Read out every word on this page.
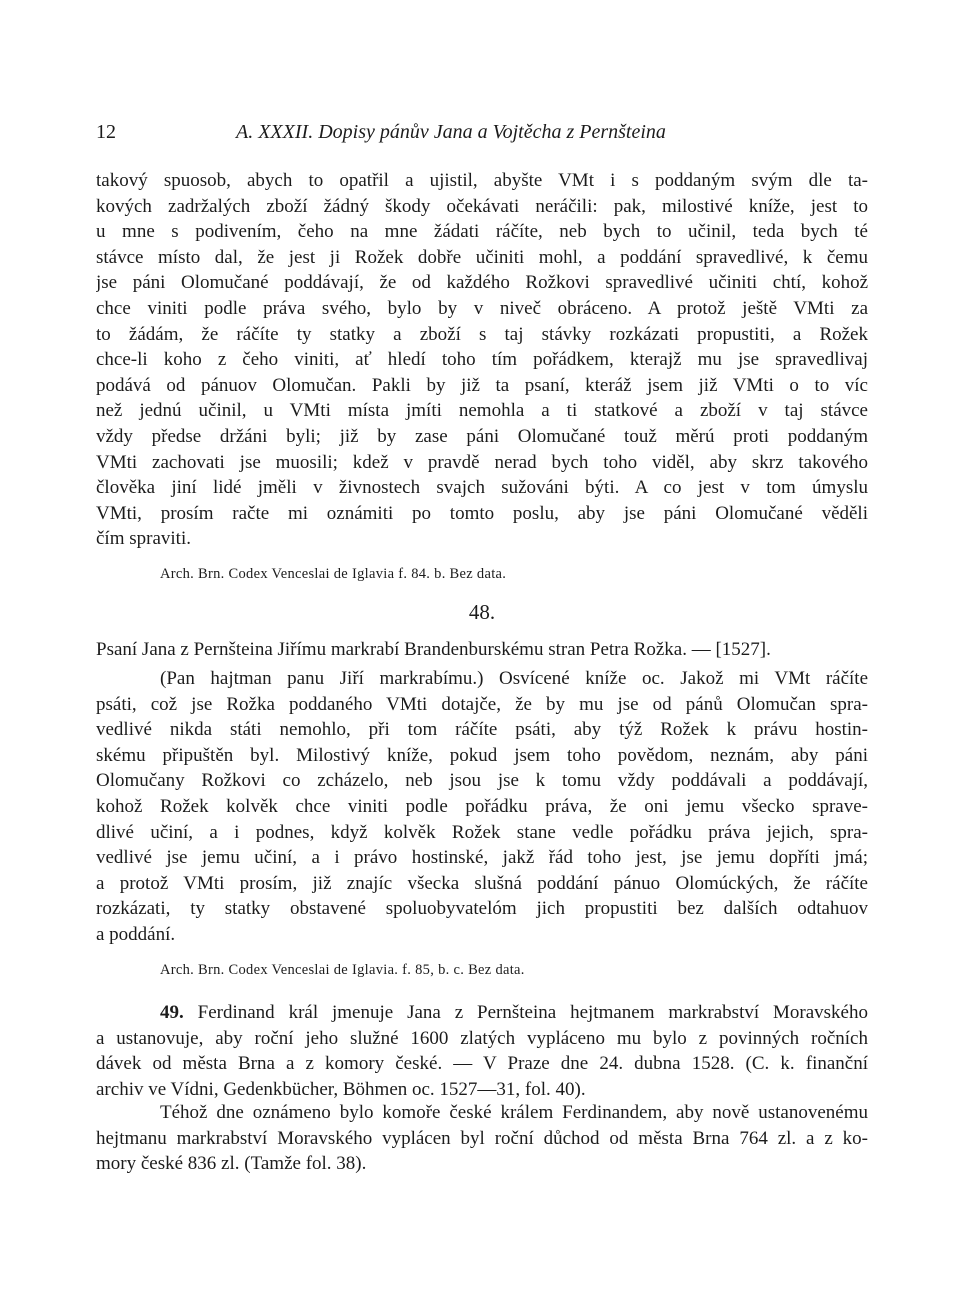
12	A. XXXII. Dopisy pánův Jana a Vojtěcha z Pernšteina
takový spuosob, abych to opatřil a ujistil, abyšte VMt i s poddaným svým dle ta-
kových zadržalých zboží žádný škody očekávati neráčili: pak, milostivé kníže, jest to
u mne s podivením, čeho na mne žádati ráčíte, neb bych to učinil, teda bych té
stávce místo dal, že jest ji Rožek dobře učiniti mohl, a poddání spravedlivé, k čemu
jse páni Olomučané poddávají, že od každého Rožkovi spravedlivé učiniti chtí, kohož
chce viniti podle práva svého, bylo by v niveč obráceno. A protož ještě VMti za
to žádám, že ráčíte ty statky a zboží s taj stávky rozkázati propustiti, a Rožek
chce-li koho z čeho viniti, ať hledí toho tím pořádkem, kterajž mu jse spravedlivaj
podává od pánuov Olomučan. Pakli by již ta psaní, kteráž jsem již VMti o to víc
než jednú učinil, u VMti místa jmíti nemohla a ti statkové a zboží v taj stávce
vždy předse držáni byli; již by zase páni Olomučané touž měrú proti poddaným
VMti zachovati jse muosili; kdež v pravdě nerad bych toho viděl, aby skrz takového
člověka jiní lidé jměli v živnostech svajch sužováni býti. A co jest v tom úmyslu
VMti, prosím račte mi oznámiti po tomto poslu, aby jse páni Olomučané věděli
čím spraviti.
Arch. Brn. Codex Venceslai de Iglavia f. 84. b. Bez data.
48.
Psaní Jana z Pernšteina Jiřímu markrabí Brandenburskému stran Petra Rožka. — [1527].
(Pan hajtman panu Jiří markrabímu.) Osvícené kníže oc. Jakož mi VMt ráčíte
psáti, což jse Rožka poddaného VMti dotajče, že by mu jse od pánů Olomučan spra-
vedlivé nikda státi nemohlo, při tom ráčíte psáti, aby týž Rožek k právu hostin-
skému připuštěn byl. Milostivý kníže, pokud jsem toho povědom, neznám, aby páni
Olomučany Rožkovi co zcházelo, neb jsou jse k tomu vždy poddávali a poddávají,
kohož Rožek kolvěk chce viniti podle pořádku práva, že oni jemu všecko sprave-
dlivé učiní, a i podnes, když kolvěk Rožek stane vedle pořádku práva jejich, spra-
vedlivé jse jemu učiní, a i právo hostinské, jakž řád toho jest, jse jemu dopříti jmá;
a protož VMti prosím, již znajíc všecka slušná poddání pánuo Olomúckých, že ráčíte
rozkázati, ty statky obstavené spoluobyvatelóm jich propustiti bez dalších odtahuov
a poddání.
Arch. Brn. Codex Venceslai de Iglavia. f. 85, b. c. Bez data.
49. Ferdinand král jmenuje Jana z Pernšteina hejtmanem markrabství Moravského
a ustanovuje, aby roční jeho služné 1600 zlatých vypláceno mu bylo z povinných ročních
dávek od města Brna a z komory české. — V Praze dne 24. dubna 1528. (C. k. finanční
archiv ve Vídni, Gedenkbücher, Böhmen oc. 1527—31, fol. 40).
Téhož dne oznámeno bylo komoře české králem Ferdinandem, aby nově ustanovenému
hejtmanu markrabství Moravského vyplácen byl roční důchod od města Brna 764 zl. a z ko-
mory české 836 zl. (Tamže fol. 38).
